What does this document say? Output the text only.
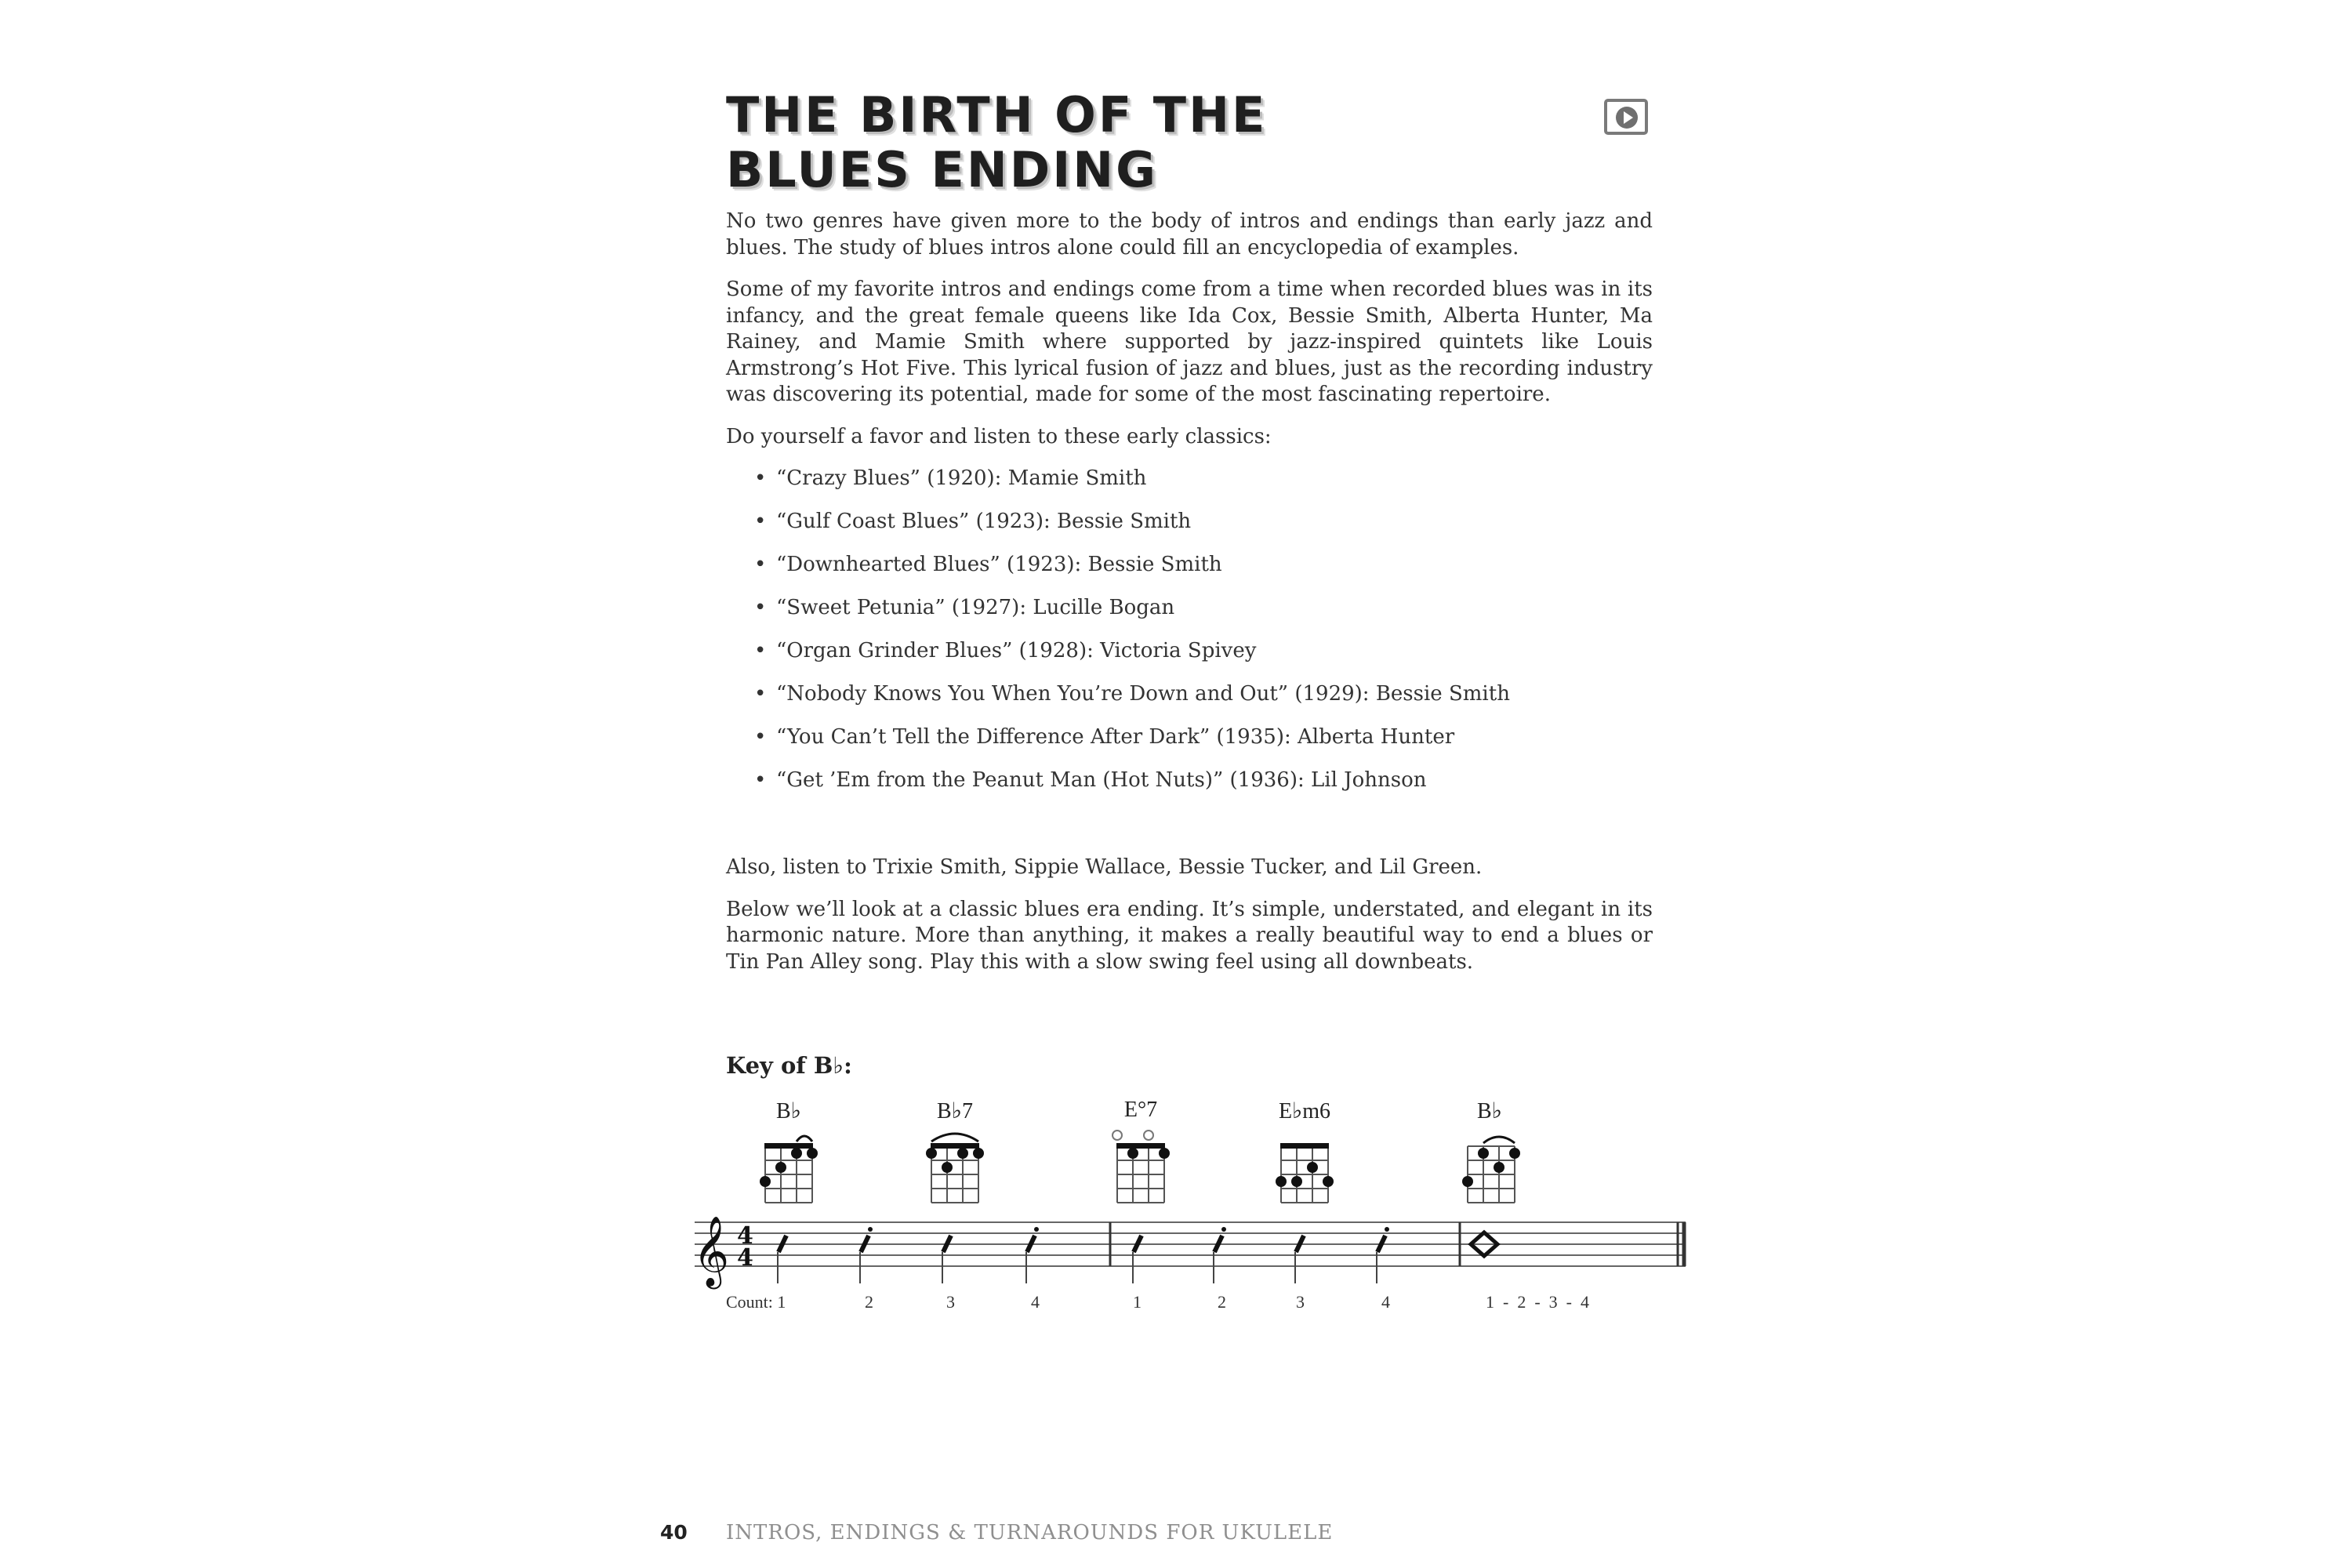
THE BIRTH OF THE
BLUES ENDING

No two genres have given more to the body of intros and endings than early jazz and blues. The study of blues intros alone could fill an encyclopedia of examples.

Some of my favorite intros and endings come from a time when recorded blues was in its infancy, and the great female queens like Ida Cox, Bessie Smith, Alberta Hunter, Ma Rainey, and Mamie Smith where supported by jazz-inspired quintets like Louis Armstrong’s Hot Five. This lyrical fusion of jazz and blues, just as the recording industry was discovering its potential, made for some of the most fascinating repertoire.

Do yourself a favor and listen to these early classics:

• “Crazy Blues” (1920): Mamie Smith
• “Gulf Coast Blues” (1923): Bessie Smith
• “Downhearted Blues” (1923): Bessie Smith
• “Sweet Petunia” (1927): Lucille Bogan
• “Organ Grinder Blues” (1928): Victoria Spivey
• “Nobody Knows You When You’re Down and Out” (1929): Bessie Smith
• “You Can’t Tell the Difference After Dark” (1935): Alberta Hunter
• “Get ’Em from the Peanut Man (Hot Nuts)” (1936): Lil Johnson

Also, listen to Trixie Smith, Sippie Wallace, Bessie Tucker, and Lil Green.

Below we’ll look at a classic blues era ending. It’s simple, understated, and elegant in its harmonic nature. More than anything, it makes a really beautiful way to end a blues or Tin Pan Alley song. Play this with a slow swing feel using all downbeats.

Key of B♭:
B♭	B♭7	E°7	E♭m6	B♭
𝄞 4
4
Count: 1	2	3	4	1	2	3	4	1  -  2  -  3  -  4
40 INTROS, ENDINGS & TURNAROUNDS FOR UKULELE
